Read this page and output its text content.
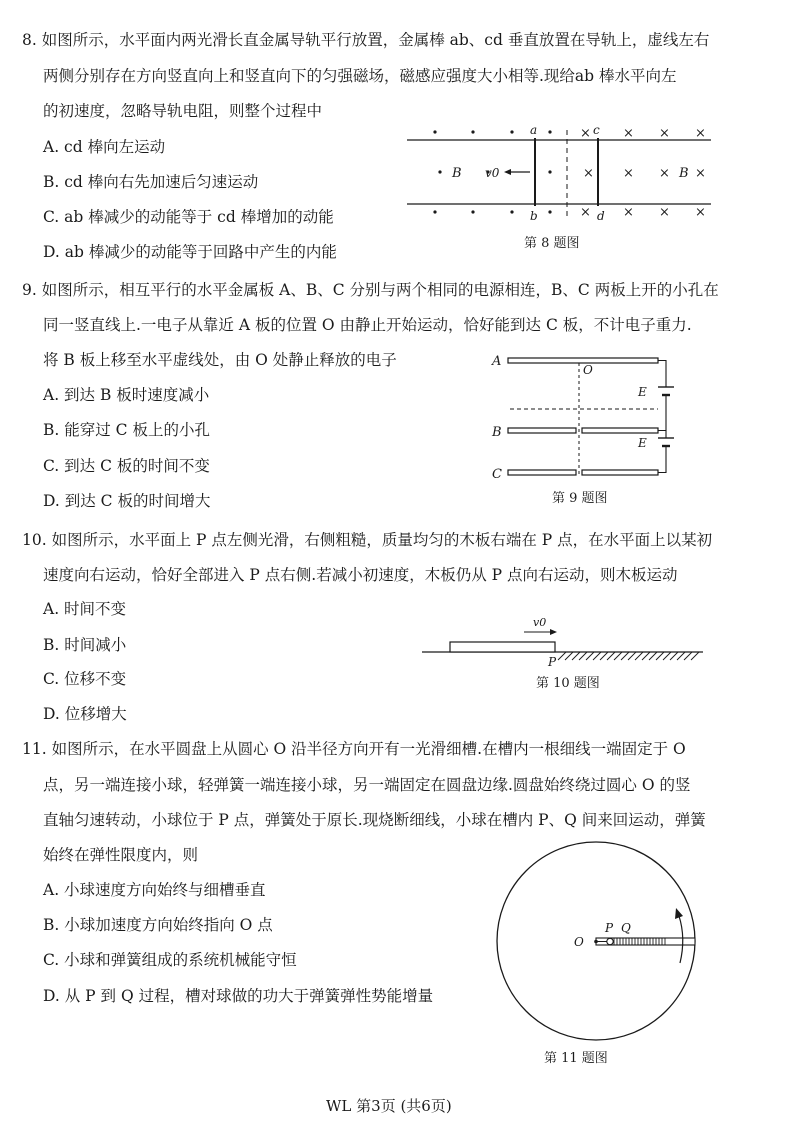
8. 如图所示，水平面内两光滑长直金属导轨平行放置，金属棒 ab、cd 垂直放置在导轨上，虚线左右
两侧分别存在方向竖直向上和竖直向下的匀强磁场，磁感应强度大小相等.现给ab 棒水平向左
的初速度，忽略导轨电阻，则整个过程中
A. cd 棒向左运动
B. cd 棒向右先加速后匀速运动
C. ab 棒减少的动能等于 cd 棒增加的动能
D. ab 棒减少的动能等于回路中产生的内能
× × × ×
× × × ×
× × × ×
a
b
c
d
B	B
v0
第 8 题图
9. 如图所示，相互平行的水平金属板 A、B、C 分别与两个相同的电源相连，B、C 两板上开的小孔在
同一竖直线上.一电子从靠近 A 板的位置 O 由静止开始运动，恰好能到达 C 板，不计电子重力.
将 B 板上移至水平虚线处，由 O 处静止释放的电子
A. 到达 B 板时速度减小
B. 能穿过 C 板上的小孔
C. 到达 C 板的时间不变
D. 到达 C 板的时间增大
A
B
C
O
E
E
第 9 题图
10. 如图所示，水平面上 P 点左侧光滑，右侧粗糙，质量均匀的木板右端在 P 点，在水平面上以某初
速度向右运动，恰好全部进入 P 点右侧.若减小初速度，木板仍从 P 点向右运动，则木板运动
A. 时间不变
B. 时间减小
C. 位移不变
D. 位移增大
v0
P
第 10 题图
11. 如图所示，在水平圆盘上从圆心 O 沿半径方向开有一光滑细槽.在槽内一根细线一端固定于 O
点，另一端连接小球，轻弹簧一端连接小球，另一端固定在圆盘边缘.圆盘始终绕过圆心 O 的竖
直轴匀速转动，小球位于 P 点，弹簧处于原长.现烧断细线，小球在槽内 P、Q 间来回运动，弹簧
始终在弹性限度内，则
A. 小球速度方向始终与细槽垂直
B. 小球加速度方向始终指向 O 点
C. 小球和弹簧组成的系统机械能守恒
D. 从 P 到 Q 过程，槽对球做的功大于弹簧弹性势能增量
O
P Q
第 11 题图
WL 第3页 (共6页)
